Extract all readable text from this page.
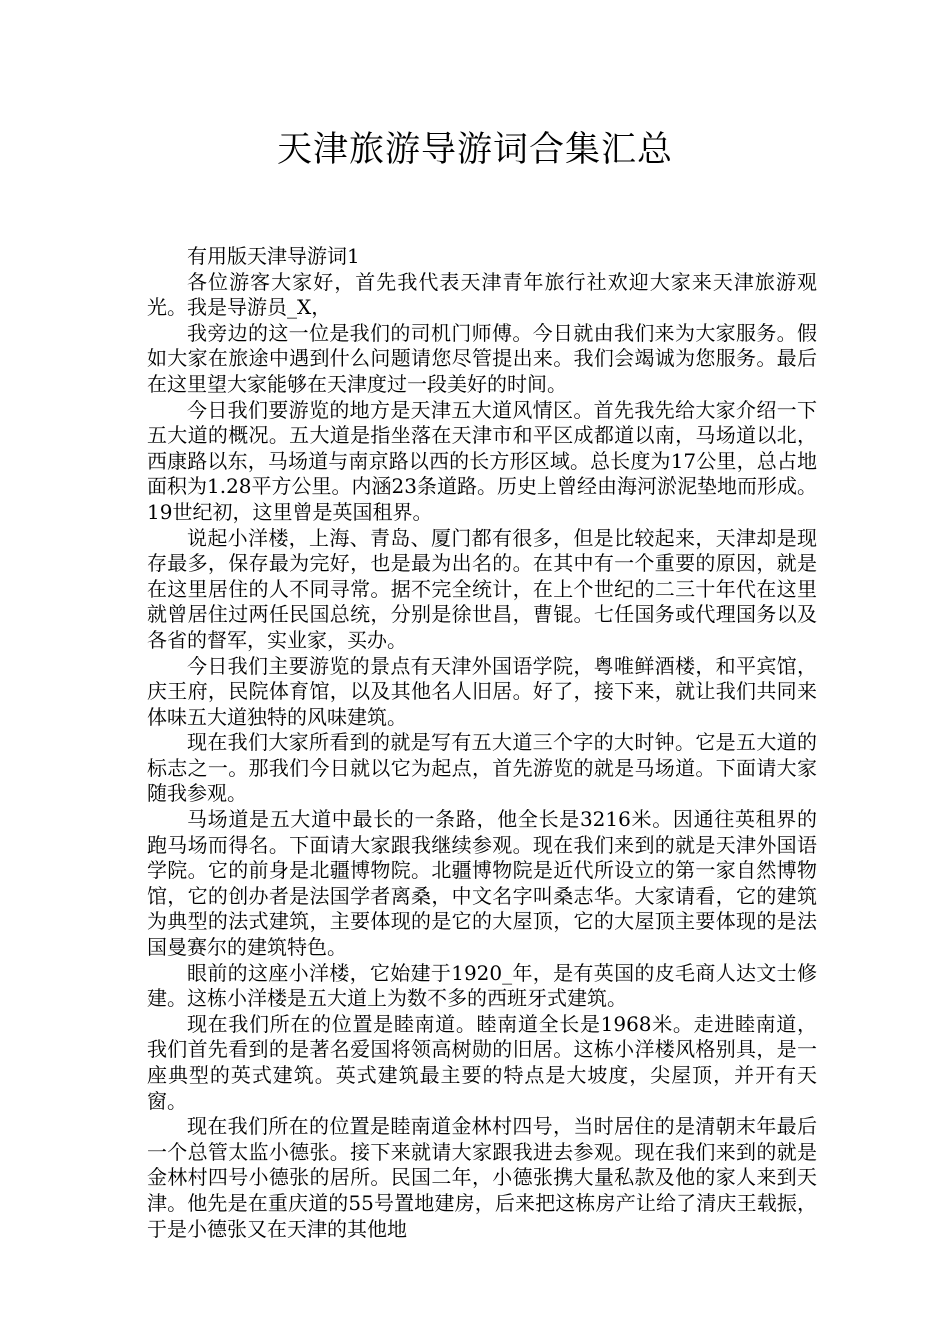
天津旅游导游词合集汇总

有用版天津导游词1

各位游客大家好，首先我代表天津青年旅行社欢迎大家来天津旅游观光。我是导游员_X，

我旁边的这一位是我们的司机门师傅。今日就由我们来为大家服务。假如大家在旅途中遇到什么问题请您尽管提出来。我们会竭诚为您服务。最后在这里望大家能够在天津度过一段美好的时间。

今日我们要游览的地方是天津五大道风情区。首先我先给大家介绍一下五大道的概况。五大道是指坐落在天津市和平区成都道以南，马场道以北，西康路以东，马场道与南京路以西的长方形区域。总长度为17公里，总占地面积为1.28平方公里。内涵23条道路。历史上曾经由海河淤泥垫地而形成。19世纪初，这里曾是英国租界。

说起小洋楼，上海、青岛、厦门都有很多，但是比较起来，天津却是现存最多，保存最为完好，也是最为出名的。在其中有一个重要的原因，就是在这里居住的人不同寻常。据不完全统计，在上个世纪的二三十年代在这里就曾居住过两任民国总统，分别是徐世昌，曹锟。七任国务或代理国务以及各省的督军，实业家，买办。

今日我们主要游览的景点有天津外国语学院，粤唯鲜酒楼，和平宾馆，庆王府，民院体育馆，以及其他名人旧居。好了，接下来，就让我们共同来体味五大道独特的风味建筑。

现在我们大家所看到的就是写有五大道三个字的大时钟。它是五大道的标志之一。那我们今日就以它为起点，首先游览的就是马场道。下面请大家随我参观。

马场道是五大道中最长的一条路，他全长是3216米。因通往英租界的跑马场而得名。下面请大家跟我继续参观。现在我们来到的就是天津外国语学院。它的前身是北疆博物院。北疆博物院是近代所设立的第一家自然博物馆，它的创办者是法国学者离桑，中文名字叫桑志华。大家请看，它的建筑为典型的法式建筑，主要体现的是它的大屋顶，它的大屋顶主要体现的是法国曼赛尔的建筑特色。

眼前的这座小洋楼，它始建于1920_年，是有英国的皮毛商人达文士修建。这栋小洋楼是五大道上为数不多的西班牙式建筑。

现在我们所在的位置是睦南道。睦南道全长是1968米。走进睦南道，我们首先看到的是著名爱国将领高树勋的旧居。这栋小洋楼风格别具，是一座典型的英式建筑。英式建筑最主要的特点是大坡度，尖屋顶，并开有天窗。

现在我们所在的位置是睦南道金林村四号，当时居住的是清朝末年最后一个总管太监小德张。接下来就请大家跟我进去参观。现在我们来到的就是金林村四号小德张的居所。民国二年，小德张携大量私款及他的家人来到天津。他先是在重庆道的55号置地建房，后来把这栋房产让给了清庆王载振，于是小德张又在天津的其他地
